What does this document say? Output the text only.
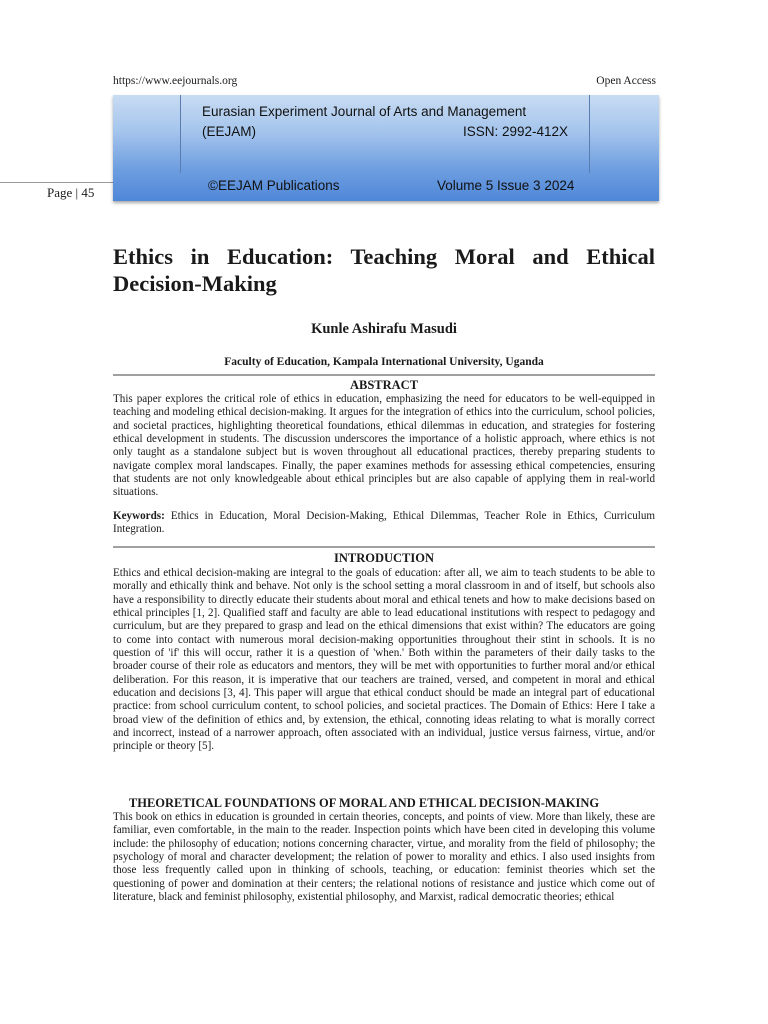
https://www.eejournals.org	Open Access
Page | 45
Eurasian Experiment Journal of Arts and Management
(EEJAM)	ISSN: 2992-412X
©EEJAM Publications	Volume 5 Issue 3 2024
Ethics in Education: Teaching Moral and Ethical Decision-Making
Kunle Ashirafu Masudi
Faculty of Education, Kampala International University, Uganda
ABSTRACT

This paper explores the critical role of ethics in education, emphasizing the need for educators to be well-equipped in teaching and modeling ethical decision-making. It argues for the integration of ethics into the curriculum, school policies, and societal practices, highlighting theoretical foundations, ethical dilemmas in education, and strategies for fostering ethical development in students. The discussion underscores the importance of a holistic approach, where ethics is not only taught as a standalone subject but is woven throughout all educational practices, thereby preparing students to navigate complex moral landscapes. Finally, the paper examines methods for assessing ethical competencies, ensuring that students are not only knowledgeable about ethical principles but are also capable of applying them in real-world situations.

Keywords: Ethics in Education, Moral Decision-Making, Ethical Dilemmas, Teacher Role in Ethics, Curriculum Integration.

INTRODUCTION

Ethics and ethical decision-making are integral to the goals of education: after all, we aim to teach students to be able to morally and ethically think and behave. Not only is the school setting a moral classroom in and of itself, but schools also have a responsibility to directly educate their students about moral and ethical tenets and how to make decisions based on ethical principles [1, 2]. Qualified staff and faculty are able to lead educational institutions with respect to pedagogy and curriculum, but are they prepared to grasp and lead on the ethical dimensions that exist within? The educators are going to come into contact with numerous moral decision-making opportunities throughout their stint in schools. It is no question of 'if' this will occur, rather it is a question of 'when.' Both within the parameters of their daily tasks to the broader course of their role as educators and mentors, they will be met with opportunities to further moral and/or ethical deliberation. For this reason, it is imperative that our teachers are trained, versed, and competent in moral and ethical education and decisions [3, 4]. This paper will argue that ethical conduct should be made an integral part of educational practice: from school curriculum content, to school policies, and societal practices. The Domain of Ethics: Here I take a broad view of the definition of ethics and, by extension, the ethical, connoting ideas relating to what is morally correct and incorrect, instead of a narrower approach, often associated with an individual, justice versus fairness, virtue, and/or principle or theory [5].

THEORETICAL FOUNDATIONS OF MORAL AND ETHICAL DECISION-MAKING

This book on ethics in education is grounded in certain theories, concepts, and points of view. More than likely, these are familiar, even comfortable, in the main to the reader. Inspection points which have been cited in developing this volume include: the philosophy of education; notions concerning character, virtue, and morality from the field of philosophy; the psychology of moral and character development; the relation of power to morality and ethics. I also used insights from those less frequently called upon in thinking of schools, teaching, or education: feminist theories which set the questioning of power and domination at their centers; the relational notions of resistance and justice which come out of literature, black and feminist philosophy, existential philosophy, and Marxist, radical democratic theories; ethical
